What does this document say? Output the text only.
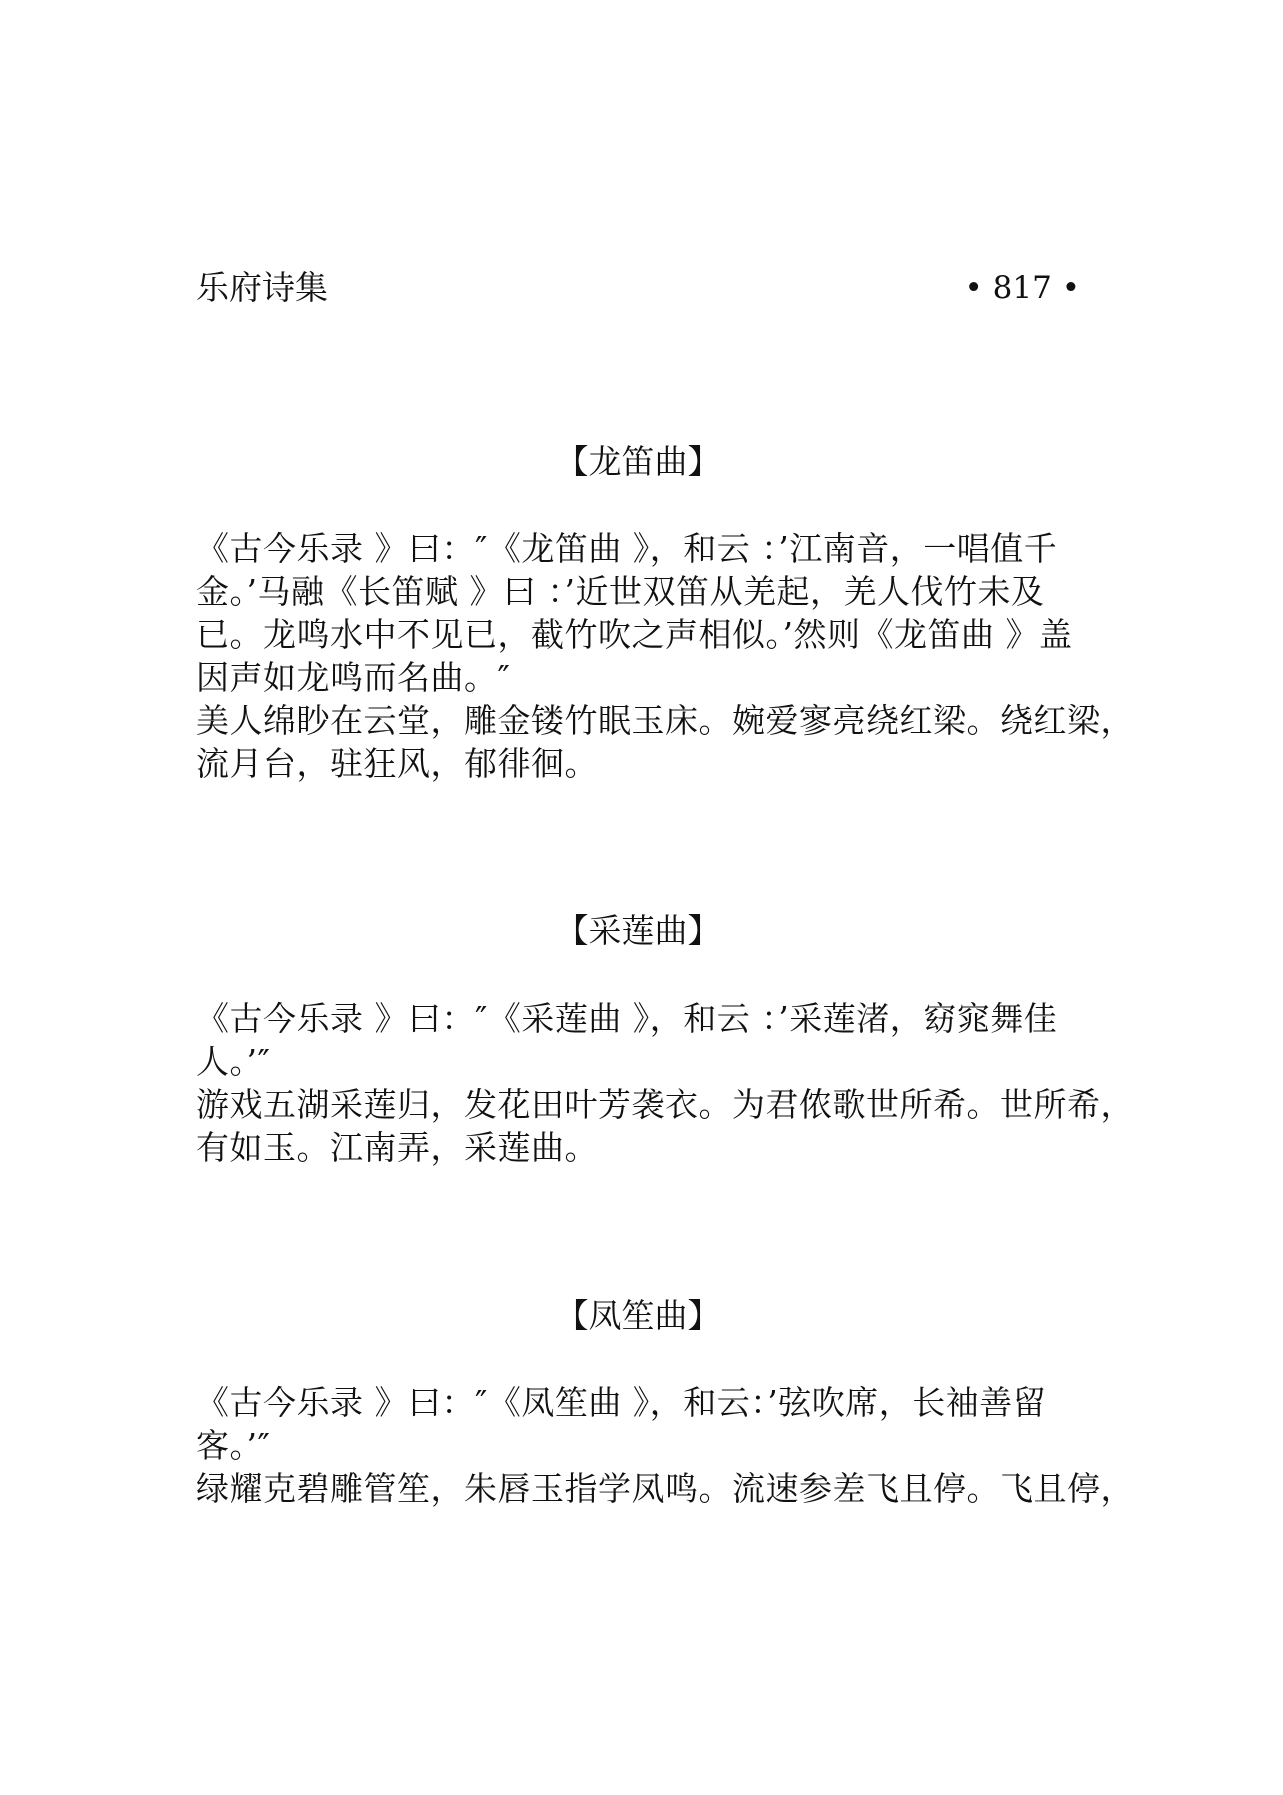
乐府诗集	• 817 •
【龙笛曲】
《古今乐录 》曰：″《龙笛曲 》，和云 ：’江南音，一唱值千
金。’马融《长笛赋 》曰 ：’近世双笛从羌起，羌人伐竹未及
已。龙鸣水中不见已，截竹吹之声相似。’然则《龙笛曲 》盖
因声如龙鸣而名曲。″
美人绵眇在云堂，雕金镂竹眠玉床。婉爱寥亮绕红梁。绕红梁，
流月台，驻狂风，郁徘徊。
【采莲曲】
《古今乐录 》曰：″《采莲曲 》，和云 ：’采莲渚，窈窕舞佳
人。’″
游戏五湖采莲归，发花田叶芳袭衣。为君侬歌世所希。世所希，
有如玉。江南弄，采莲曲。
【凤笙曲】
《古今乐录 》曰：″《凤笙曲 》，和云：’弦吹席，长袖善留
客。’″
绿耀克碧雕管笙，朱唇玉指学凤鸣。流速参差飞且停。飞且停，
